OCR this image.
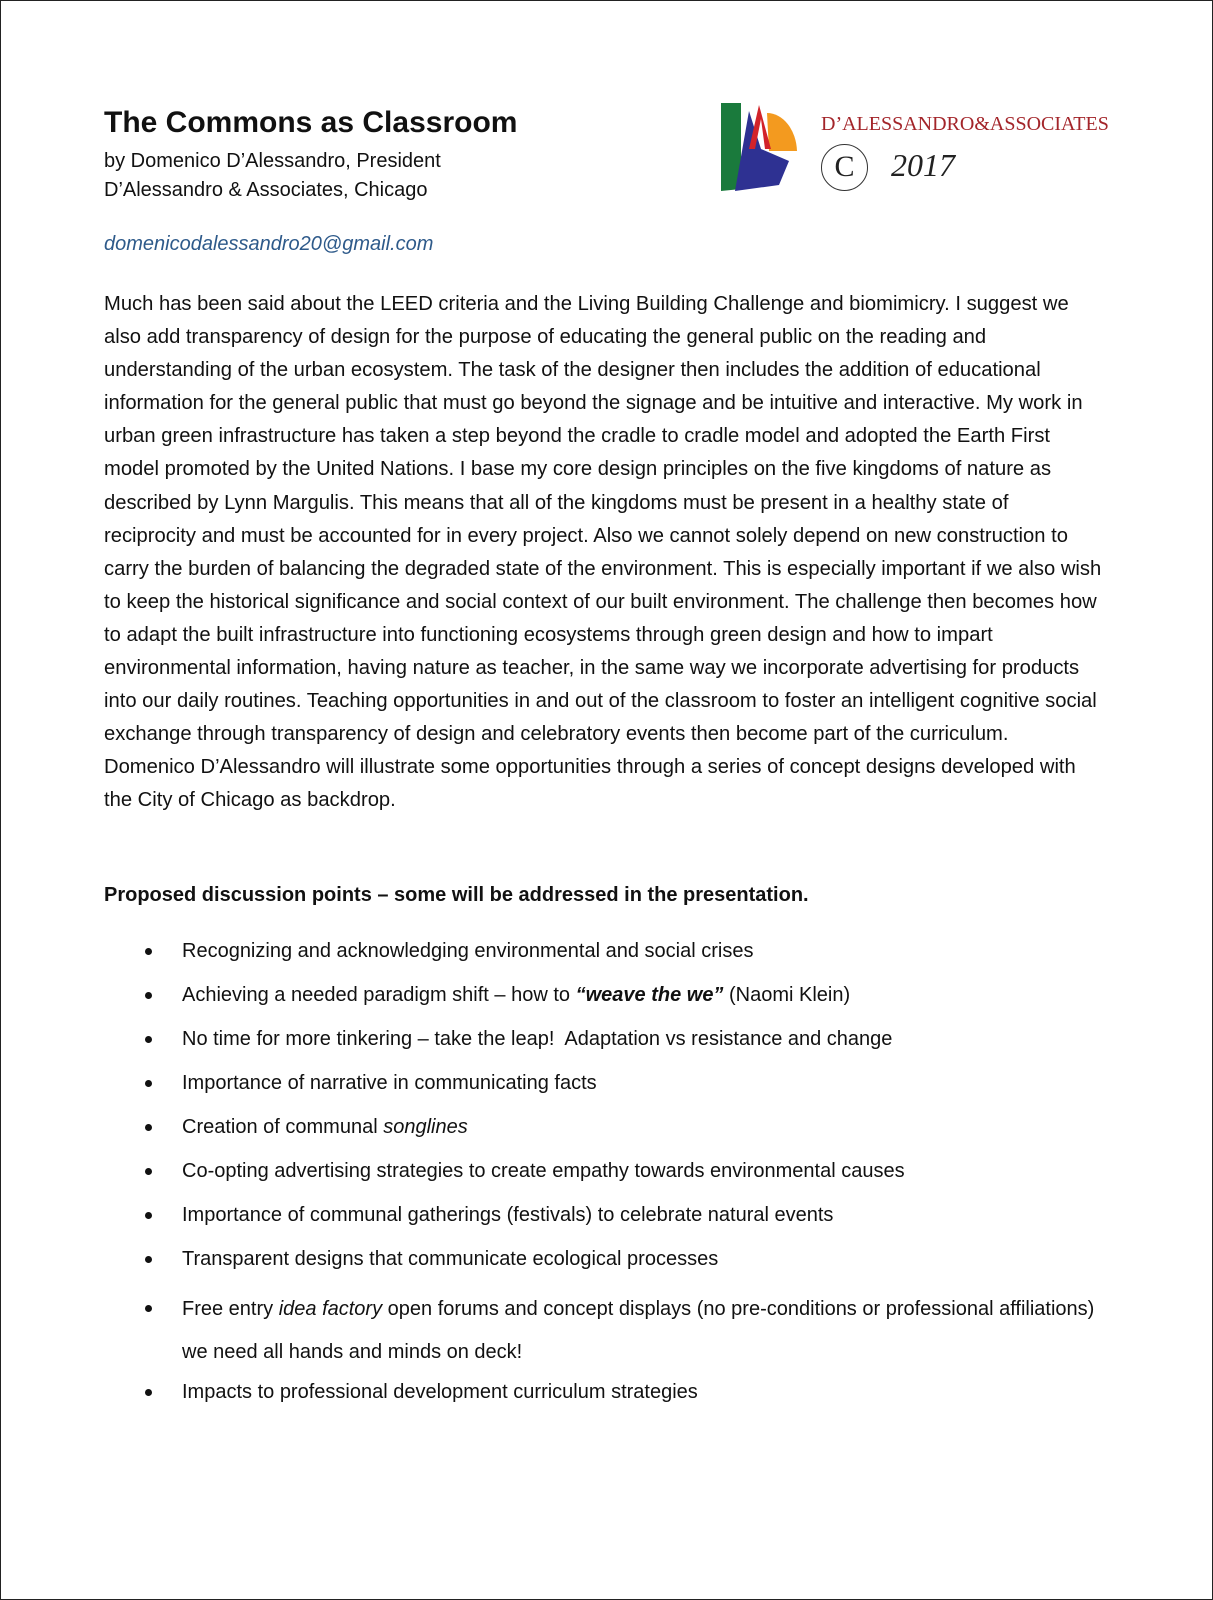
The Commons as Classroom
by Domenico D’Alessandro, President
D’Alessandro & Associates, Chicago
domenicodalessandro20@gmail.com
D’ALESSANDRO&ASSOCIATES
C	2017

Much has been said about the LEED criteria and the Living Building Challenge and biomimicry. I suggest we also add transparency of design for the purpose of educating the general public on the reading and understanding of the urban ecosystem. The task of the designer then includes the addition of educational information for the general public that must go beyond the signage and be intuitive and interactive. My work in urban green infrastructure has taken a step beyond the cradle to cradle model and adopted the Earth First model promoted by the United Nations. I base my core design principles on the five kingdoms of nature as described by Lynn Margulis. This means that all of the kingdoms must be present in a healthy state of reciprocity and must be accounted for in every project. Also we cannot solely depend on new construction to carry the burden of balancing the degraded state of the environment. This is especially important if we also wish to keep the historical significance and social context of our built environment. The challenge then becomes how to adapt the built infrastructure into functioning ecosystems through green design and how to impart environmental information, having nature as teacher, in the same way we incorporate advertising for products into our daily routines. Teaching opportunities in and out of the classroom to foster an intelligent cognitive social exchange through transparency of design and celebratory events then become part of the curriculum. Domenico D’Alessandro will illustrate some opportunities through a series of concept designs developed with the City of Chicago as backdrop.

Proposed discussion points – some will be addressed in the presentation.

Recognizing and acknowledging environmental and social crises
Achieving a needed paradigm shift – how to “weave the we” (Naomi Klein)
No time for more tinkering – take the leap!  Adaptation vs resistance and change
Importance of narrative in communicating facts
Creation of communal songlines
Co-opting advertising strategies to create empathy towards environmental causes
Importance of communal gatherings (festivals) to celebrate natural events
Transparent designs that communicate ecological processes
Free entry idea factory open forums and concept displays (no pre-conditions or professional affiliations) we need all hands and minds on deck!
Impacts to professional development curriculum strategies
